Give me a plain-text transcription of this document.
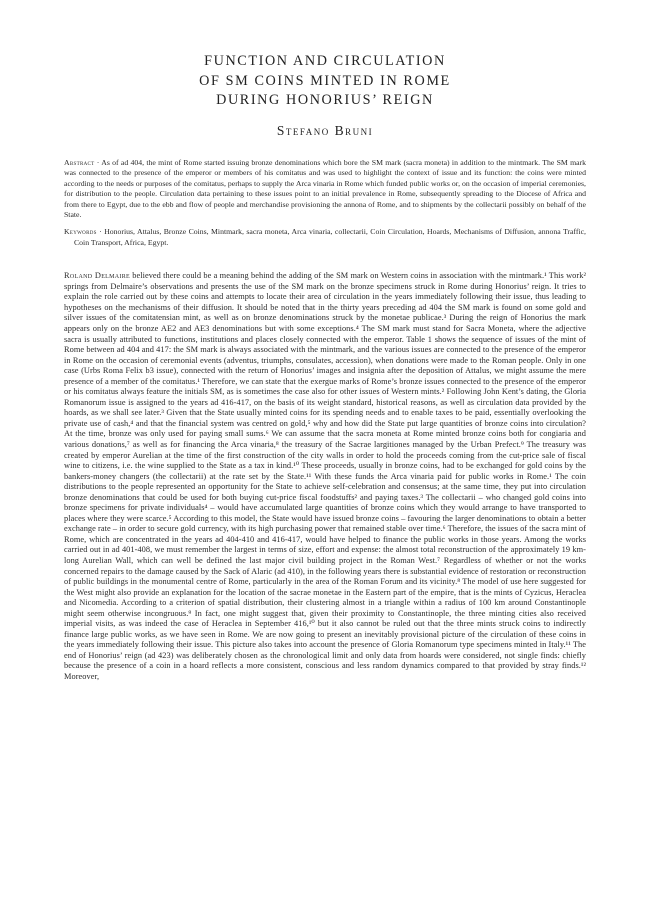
FUNCTION AND CIRCULATION
OF SM COINS MINTED IN ROME
DURING HONORIUS’ REIGN
Stefano Bruni

Abstract · As of ad 404, the mint of Rome started issuing bronze denominations which bore the SM mark (sacra moneta) in addition to the mintmark. The SM mark was connected to the presence of the emperor or members of his comitatus and was used to highlight the context of issue and its function: the coins were minted according to the needs or purposes of the comitatus, perhaps to supply the Arca vinaria in Rome which funded public works or, on the occasion of imperial ceremonies, for distribution to the people. Circulation data pertaining to these issues point to an initial prevalence in Rome, subsequently spreading to the Diocese of Africa and from there to Egypt, due to the ebb and flow of people and merchandise provisioning the annona of Rome, and to shipments by the collectarii possibly on behalf of the State.

Keywords · Honorius, Attalus, Bronze Coins, Mintmark, sacra moneta, Arca vinaria, collectarii, Coin Circulation, Hoards, Mechanisms of Diffusion, annona Traffic, Coin Transport, Africa, Egypt.

Roland Delmaire believed there could be a meaning behind the adding of the SM mark on Western coins in association with the mintmark.¹ This work² springs from Delmaire’s observations and presents the use of the SM mark on the bronze specimens struck in Rome during Honorius’ reign. It tries to explain the role carried out by these coins and attempts to locate their area of circulation in the years immediately following their issue, thus leading to hypotheses on the mechanisms of their diffusion. It should be noted that in the thirty years preceding ad 404 the SM mark is found on some gold and silver issues of the comitatensian mint, as well as on bronze denominations struck by the monetae publicae.³ During the reign of Honorius the mark appears only on the bronze AE2 and AE3 denominations but with some exceptions.⁴ The SM mark must stand for Sacra Moneta, where the adjective sacra is usually attributed to functions, institutions and places closely connected with the emperor. Table 1 shows the sequence of issues of the mint of Rome between ad 404 and 417: the SM mark is always associated with the mintmark, and the various issues are connected to the presence of the emperor in Rome on the occasion of ceremonial events (adventus, triumphs, consulates, accession), when donations were made to the Roman people. Only in one case (Urbs Roma Felix b3 issue), connected with the return of Honorius’ images and insignia after the deposition of Attalus, we might assume the mere presence of a member of the comitatus.¹ Therefore, we can state that the exergue marks of Rome’s bronze issues connected to the presence of the emperor or his comitatus always feature the initials SM, as is sometimes the case also for other issues of Western mints.² Following John Kent’s dating, the Gloria Romanorum issue is assigned to the years ad 416-417, on the basis of its weight standard, historical reasons, as well as circulation data provided by the hoards, as we shall see later.³ Given that the State usually minted coins for its spending needs and to enable taxes to be paid, essentially overlooking the private use of cash,⁴ and that the financial system was centred on gold,⁵ why and how did the State put large quantities of bronze coins into circulation? At the time, bronze was only used for paying small sums.⁶ We can assume that the sacra moneta at Rome minted bronze coins both for congiaria and various donations,⁷ as well as for financing the Arca vinaria,⁸ the treasury of the Sacrae largitiones managed by the Urban Prefect.⁹ The treasury was created by emperor Aurelian at the time of the first construction of the city walls in order to hold the proceeds coming from the cut-price sale of fiscal wine to citizens, i.e. the wine supplied to the State as a tax in kind.¹⁰ These proceeds, usually in bronze coins, had to be exchanged for gold coins by the bankers-money changers (the collectarii) at the rate set by the State.¹¹ With these funds the Arca vinaria paid for public works in Rome.¹ The coin distributions to the people represented an opportunity for the State to achieve self-celebration and consensus; at the same time, they put into circulation bronze denominations that could be used for both buying cut-price fiscal foodstuffs² and paying taxes.³ The collectarii – who changed gold coins into bronze specimens for private individuals⁴ – would have accumulated large quantities of bronze coins which they would arrange to have transported to places where they were scarce.⁵ According to this model, the State would have issued bronze coins – favouring the larger denominations to obtain a better exchange rate – in order to secure gold currency, with its high purchasing power that remained stable over time.⁶ Therefore, the issues of the sacra mint of Rome, which are concentrated in the years ad 404-410 and 416-417, would have helped to finance the public works in those years. Among the works carried out in ad 401-408, we must remember the largest in terms of size, effort and expense: the almost total reconstruction of the approximately 19 km-long Aurelian Wall, which can well be defined the last major civil building project in the Roman West.⁷ Regardless of whether or not the works concerned repairs to the damage caused by the Sack of Alaric (ad 410), in the following years there is substantial evidence of restoration or reconstruction of public buildings in the monumental centre of Rome, particularly in the area of the Roman Forum and its vicinity.⁸ The model of use here suggested for the West might also provide an explanation for the location of the sacrae monetae in the Eastern part of the empire, that is the mints of Cyzicus, Heraclea and Nicomedia. According to a criterion of spatial distribution, their clustering almost in a triangle within a radius of 100 km around Constantinople might seem otherwise incongruous.⁹ In fact, one might suggest that, given their proximity to Constantinople, the three minting cities also received imperial visits, as was indeed the case of Heraclea in September 416,¹⁰ but it also cannot be ruled out that the three mints struck coins to indirectly finance large public works, as we have seen in Rome. We are now going to present an inevitably provisional picture of the circulation of these coins in the years immediately following their issue. This picture also takes into account the presence of Gloria Romanorum type specimens minted in Italy.¹¹ The end of Honorius’ reign (ad 423) was deliberately chosen as the chronological limit and only data from hoards were considered, not single finds: chiefly because the presence of a coin in a hoard reflects a more consistent, conscious and less random dynamics compared to that provided by stray finds.¹² Moreover,
